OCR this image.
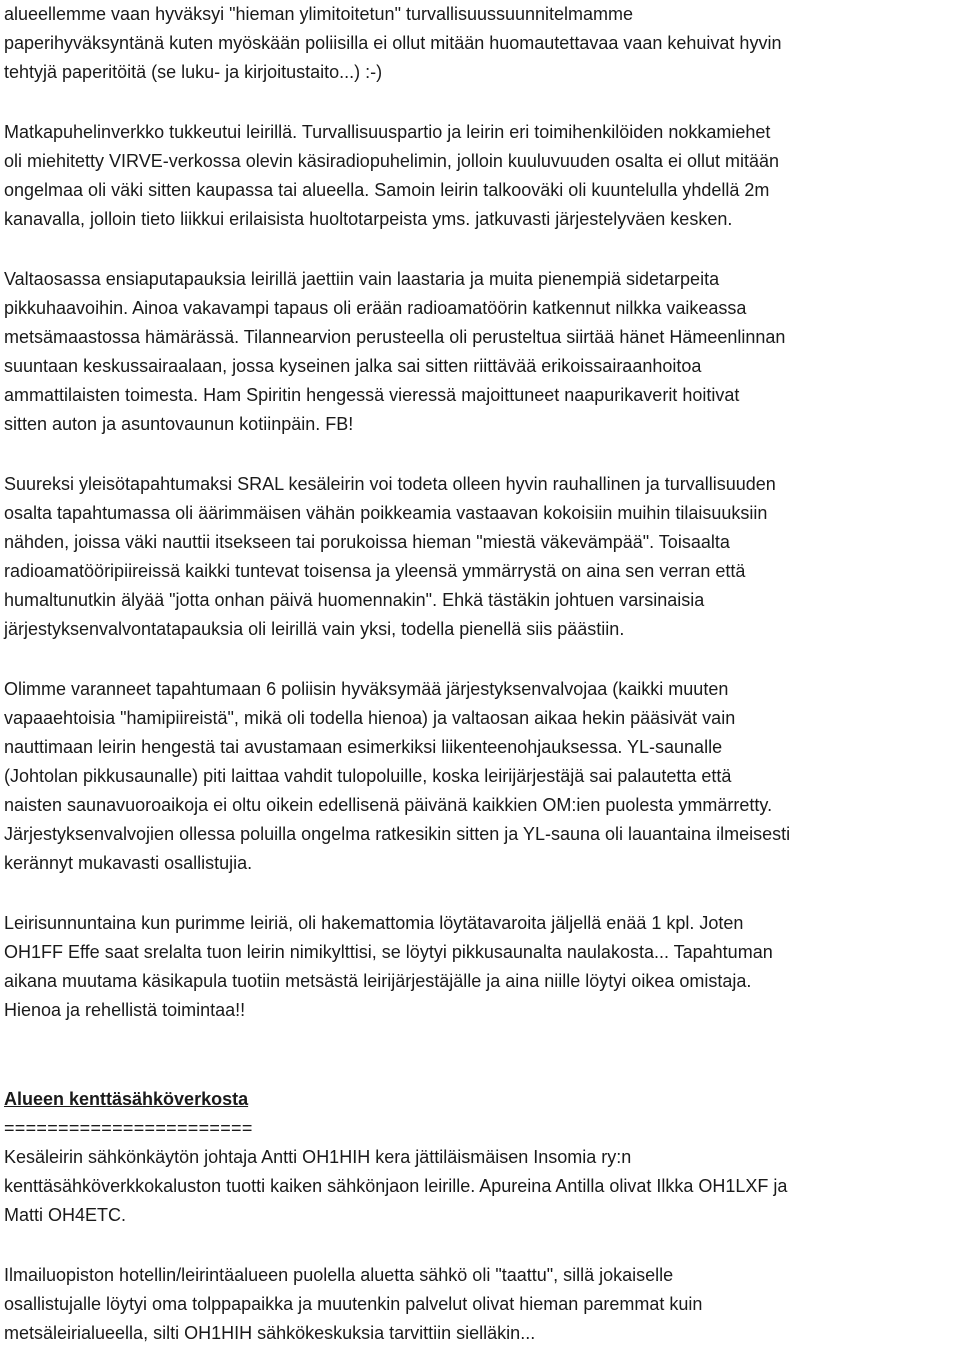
alueellemme vaan hyväksyi "hieman ylimitoitetun" turvallisuussuunnitelmamme
paperihyväksyntänä kuten myöskään poliisilla ei ollut mitään huomautettavaa vaan kehuivat hyvin
tehtyjä paperitöitä (se luku- ja kirjoitustaito...) :-)
Matkapuhelinverkko tukkeutui leirillä. Turvallisuuspartio ja leirin eri toimihenkilöiden nokkamiehet
oli miehitetty VIRVE-verkossa olevin käsiradiopuhelimin, jolloin kuuluvuuden osalta ei ollut mitään
ongelmaa oli väki sitten kaupassa tai alueella. Samoin leirin talkooväki oli kuuntelulla yhdellä 2m
kanavalla, jolloin tieto liikkui erilaisista huoltotarpeista yms. jatkuvasti järjestelyväen kesken.
Valtaosassa ensiaputapauksia leirillä jaettiin vain laastaria ja muita pienempiä sidetarpeita
pikkuhaavoihin. Ainoa vakavampi tapaus oli erään radioamatöörin katkennut nilkka vaikeassa
metsämaastossa hämärässä. Tilannearvion perusteella oli perusteltua siirtää hänet Hämeenlinnan
suuntaan keskussairaalaan, jossa kyseinen jalka sai sitten riittävää erikoissairaanhoitoa
ammattilaisten toimesta. Ham Spiritin hengessä vieressä majoittuneet naapurikaverit hoitivat
sitten auton ja asuntovaunun kotiinpäin. FB!
Suureksi yleisötapahtumaksi SRAL kesäleirin voi todeta olleen hyvin rauhallinen ja turvallisuuden
osalta tapahtumassa oli äärimmäisen vähän poikkeamia vastaavan kokoisiin muihin tilaisuuksiin
nähden, joissa väki nauttii itsekseen tai porukoissa hieman "miestä väkevämpää". Toisaalta
radioamatööripiireissä kaikki tuntevat toisensa ja yleensä ymmärrystä on aina sen verran että
humaltunutkin älyää "jotta onhan päivä huomennakin". Ehkä tästäkin johtuen varsinaisia
järjestyksenvalvontatapauksia oli leirillä vain yksi, todella pienellä siis päästiin.
Olimme varanneet tapahtumaan 6 poliisin hyväksymää järjestyksenvalvojaa (kaikki muuten
vapaaehtoisia "hamipiireistä", mikä oli todella hienoa) ja valtaosan aikaa hekin pääsivät vain
nauttimaan leirin hengestä tai avustamaan esimerkiksi liikenteenohjauksessa. YL-saunalle
(Johtolan pikkusaunalle) piti laittaa vahdit tulopoluille, koska leirijärjestäjä sai palautetta että
naisten saunavuoroaikoja ei oltu oikein edellisenä päivänä kaikkien OM:ien puolesta ymmärretty.
Järjestyksenvalvojien ollessa poluilla ongelma ratkesikin sitten ja YL-sauna oli lauantaina ilmeisesti
kerännyt mukavasti osallistujia.
Leirisunnuntaina kun purimme leiriä, oli hakemattomia löytätavaroita jäljellä enää 1 kpl. Joten
OH1FF Effe saat srelalta tuon leirin nimikylttisi, se löytyi pikkusaunalta naulakosta... Tapahtuman
aikana muutama käsikapula tuotiin metsästä leirijärjestäjälle ja aina niille löytyi oikea omistaja.
Hienoa ja rehellistä toimintaa!!
Alueen kenttäsähköverkosta
=======================
Kesäleirin sähkönkäytön johtaja Antti OH1HIH kera jättiläismäisen Insomia ry:n
kenttäsähköverkkokaluston tuotti kaiken sähkönjaon leirille. Apureina Antilla olivat Ilkka OH1LXF ja
Matti OH4ETC.
Ilmailuopiston hotellin/leirintäalueen puolella aluetta sähkö oli "taattu", sillä jokaiselle
osallistujalle löytyi oma tolppapaikka ja muutenkin palvelut olivat hieman paremmat kuin
metsäleirialueella, silti OH1HIH sähkökeskuksia tarvittiin sielläkin...
